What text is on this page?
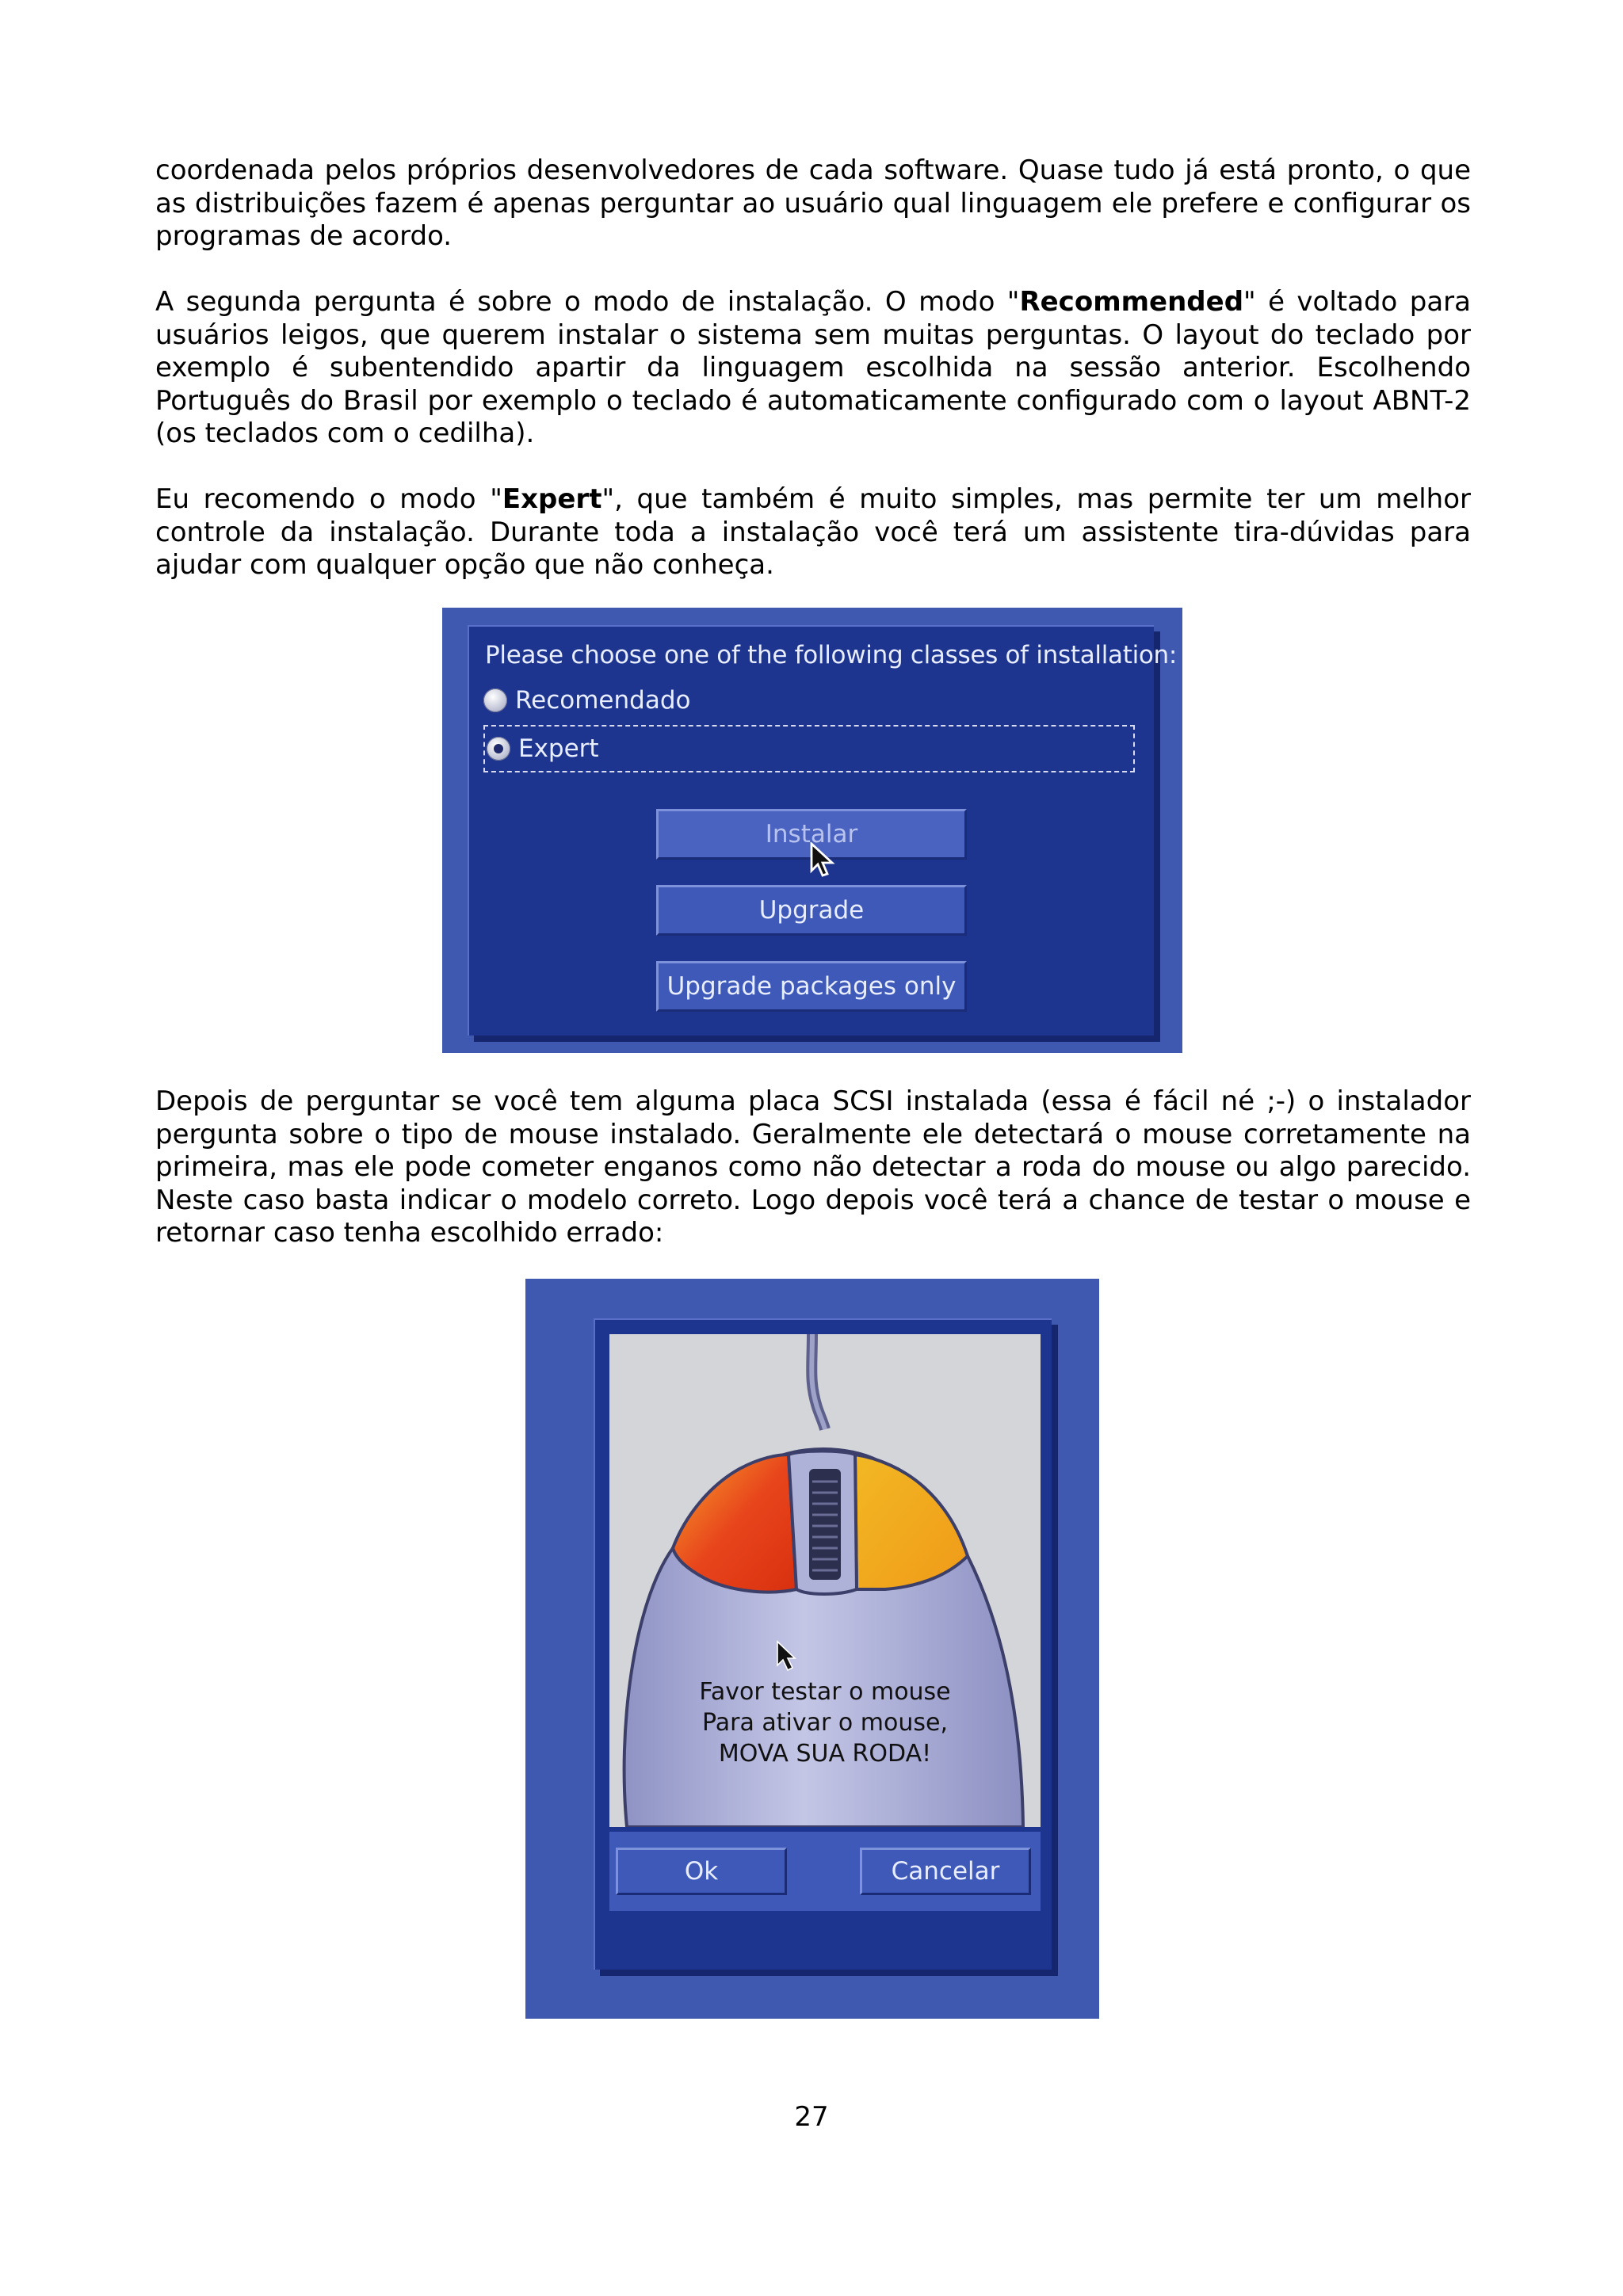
coordenada pelos próprios desenvolvedores de cada software. Quase tudo já está pronto, o que as distribuições fazem é apenas perguntar ao usuário qual linguagem ele prefere e configurar os programas de acordo.

A segunda pergunta é sobre o modo de instalação. O modo "Recommended" é voltado para usuários leigos, que querem instalar o sistema sem muitas perguntas. O layout do teclado por exemplo é subentendido apartir da linguagem escolhida na sessão anterior. Escolhendo Português do Brasil por exemplo o teclado é automaticamente configurado com o layout ABNT-2 (os teclados com o cedilha).

Eu recomendo o modo "Expert", que também é muito simples, mas permite ter um melhor controle da instalação. Durante toda a instalação você terá um assistente tira-dúvidas para ajudar com qualquer opção que não conheça.

Please choose one of the following classes of installation:
Recomendado
Expert
Instalar
Upgrade
Upgrade packages only

Depois de perguntar se você tem alguma placa SCSI instalada (essa é fácil né ;-) o instalador pergunta sobre o tipo de mouse instalado. Geralmente ele detectará o mouse corretamente na primeira, mas ele pode cometer enganos como não detectar a roda do mouse ou algo parecido. Neste caso basta indicar o modelo correto. Logo depois você terá a chance de testar o mouse e retornar caso tenha escolhido errado:

Favor testar o mouse
Para ativar o mouse,
MOVA SUA RODA!
Ok	Cancelar
27
